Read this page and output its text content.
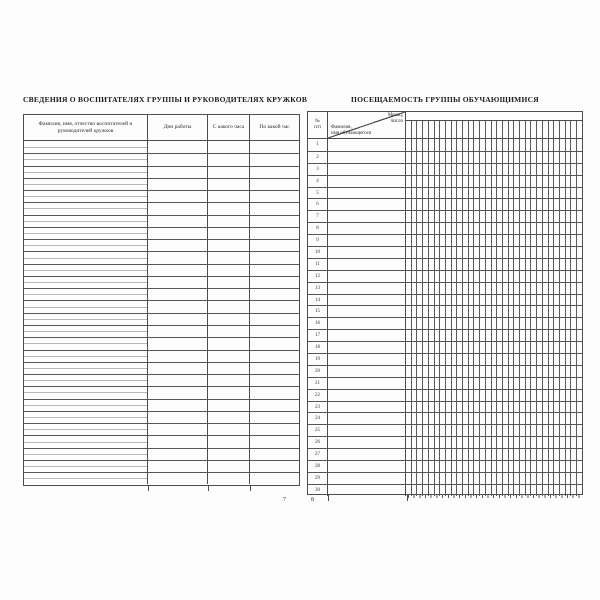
СВЕДЕНИЯ О ВОСПИТАТЕЛЯХ ГРУППЫ И РУКОВОДИТЕЛЯХ КРУЖКОВ
Фамилия, имя, отчество воспитателей и руководителей кружков
Дни работы	С какого часа	По какой час
7
ПОСЕЩАЕМОСТЬ ГРУППЫ ОБУЧАЮЩИМИСЯ
№
п/п
Месяц,
число
Фамилия,
имя обучающегося
1
2
3
4
5
6
7
8
9
10
11
12
13
14
15
16
17
18
19
20
21
22
23
24
25
26
27
28
29
30
8
